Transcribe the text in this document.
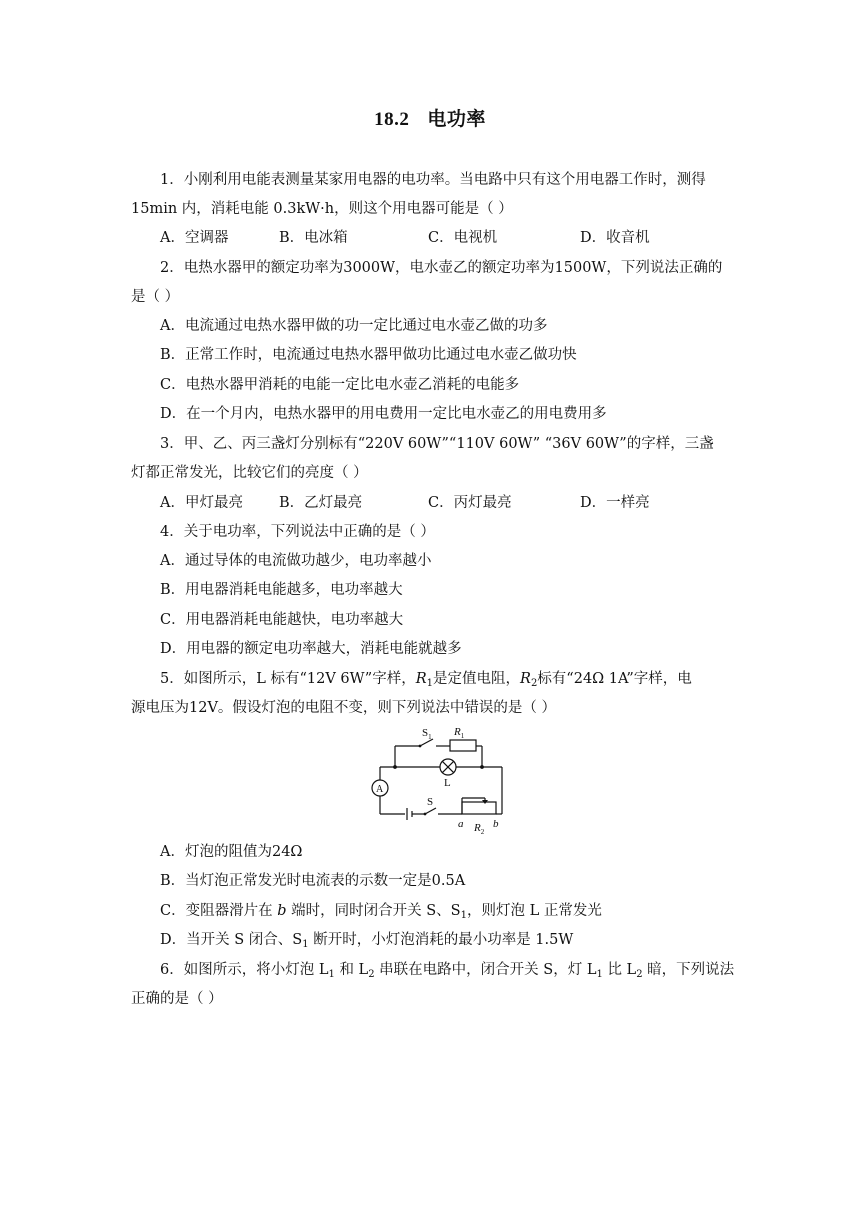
18.2 电功率
1．小刚利用电能表测量某家用电器的电功率。当电路中只有这个用电器工作时，测得
15min 内，消耗电能 0.3kW·h，则这个用电器可能是（ ）
A．空调器	B．电冰箱	C．电视机	D．收音机
2．电热水器甲的额定功率为3000W，电水壶乙的额定功率为1500W，下列说法正确的
是（ ）
A．电流通过电热水器甲做的功一定比通过电水壶乙做的功多
B．正常工作时，电流通过电热水器甲做功比通过电水壶乙做功快
C．电热水器甲消耗的电能一定比电水壶乙消耗的电能多
D．在一个月内，电热水器甲的用电费用一定比电水壶乙的用电费用多
3．甲、乙、丙三盏灯分别标有“220V 60W”“110V 60W” “36V 60W”的字样，三盏
灯都正常发光，比较它们的亮度（ ）
A．甲灯最亮 B．乙灯最亮	C．丙灯最亮	D．一样亮
4．关于电功率，下列说法中正确的是（ ）
A．通过导体的电流做功越少，电功率越小
B．用电器消耗电能越多，电功率越大
C．用电器消耗电能越快，电功率越大
D．用电器的额定电功率越大，消耗电能就越多
5．如图所示，L 标有“12V 6W”字样，$R_1$是定值电阻，$R_2$标有“24Ω 1A”字样，电
源电压为12V。假设灯泡的电阻不变，则下列说法中错误的是（ ）
$S_1$ $R_1$
L
A
S
a	b
$R_2$
A．灯泡的阻值为24Ω
B．当灯泡正常发光时电流表的示数一定是0.5A
C．变阻器滑片在 b 端时，同时闭合开关 S、$S_1$，则灯泡 L 正常发光
D．当开关 S 闭合、$S_1$ 断开时，小灯泡消耗的最小功率是 1.5W
6．如图所示，将小灯泡 $L_1$ 和 $L_2$ 串联在电路中，闭合开关 S，灯 $L_1$ 比 $L_2$ 暗，下列说法
正确的是（ ）
